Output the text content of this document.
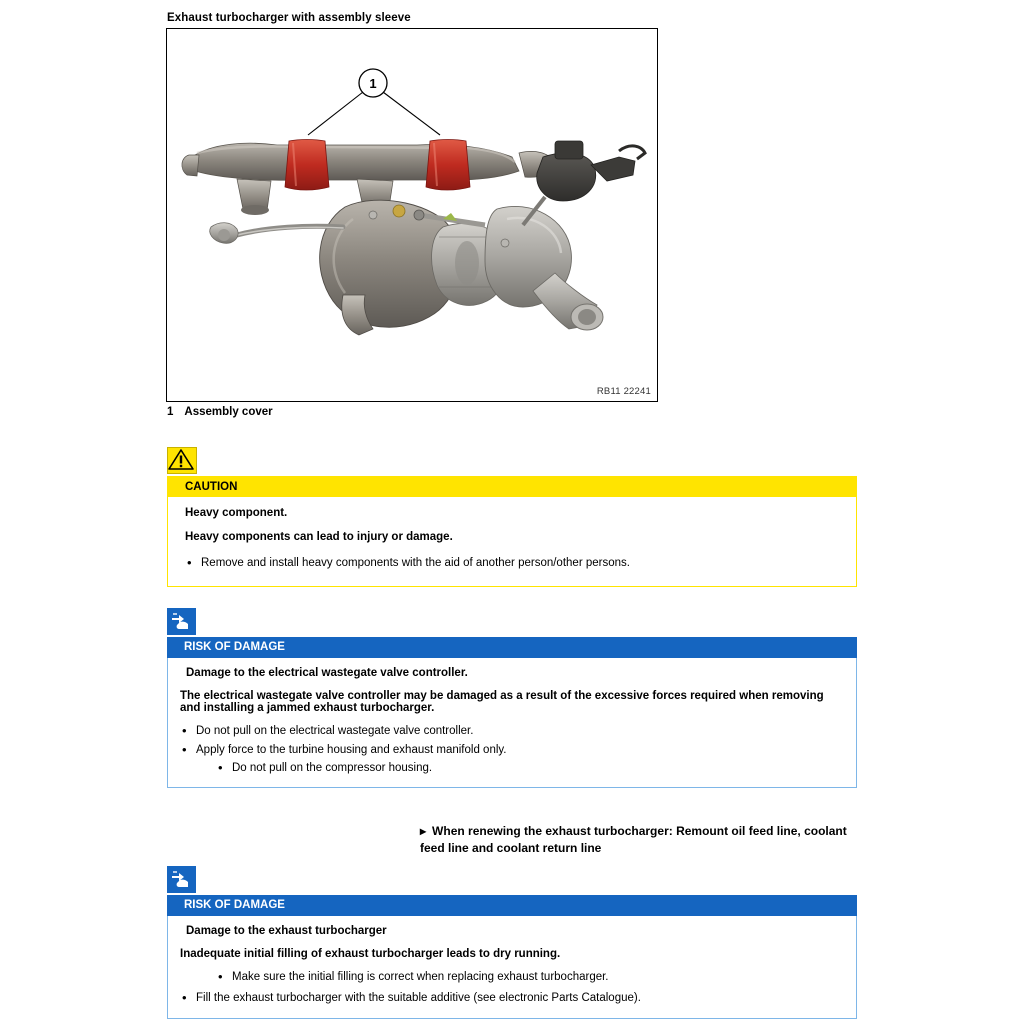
Exhaust turbocharger with assembly sleeve
1
RB11 22241
1 Assembly cover
CAUTION

Heavy component.

Heavy components can lead to injury or damage.

• Remove and install heavy components with the aid of another person/other persons.
RISK OF DAMAGE

Damage to the electrical wastegate valve controller.

The electrical wastegate valve controller may be damaged as a result of the excessive forces required when removing and installing a jammed exhaust turbocharger.

• Do not pull on the electrical wastegate valve controller.
• Apply force to the turbine housing and exhaust manifold only.
• Do not pull on the compressor housing.
▸ When renewing the exhaust turbocharger: Remount oil feed line, coolant feed line and coolant return line
RISK OF DAMAGE

Damage to the exhaust turbocharger

Inadequate initial filling of exhaust turbocharger leads to dry running.

• Make sure the initial filling is correct when replacing exhaust turbocharger.
• Fill the exhaust turbocharger with the suitable additive (see electronic Parts Catalogue).
